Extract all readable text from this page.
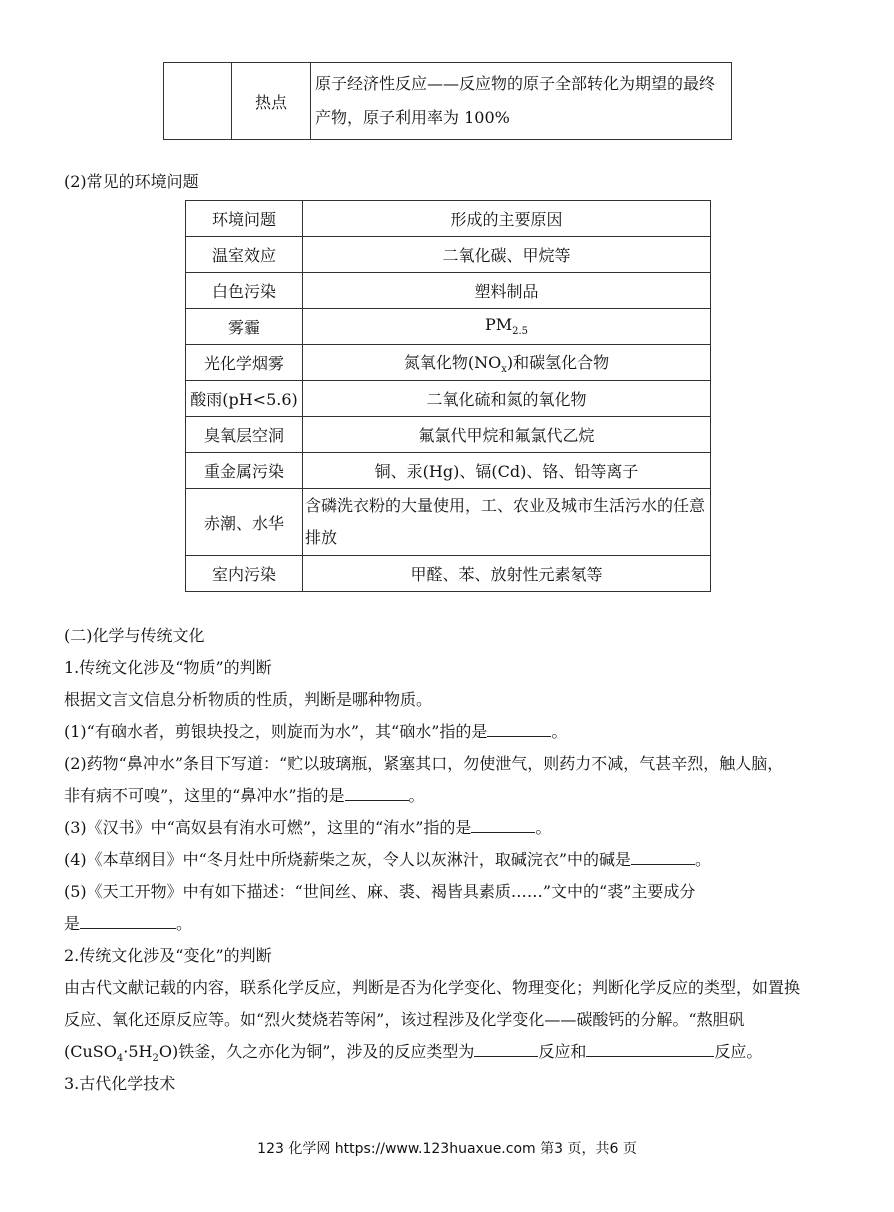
	热点	原子经济性反应——反应物的原子全部转化为期望的最终产物，原子利用率为 100%
(2)常见的环境问题
环境问题	形成的主要原因
温室效应	二氧化碳、甲烷等
白色污染	塑料制品
雾霾	$PM_{2.5}$
光化学烟雾	氮氧化物$(NO_x)$和碳氢化合物
酸雨(pH<5.6)	二氧化硫和氮的氧化物
臭氧层空洞	氟氯代甲烷和氟氯代乙烷
重金属污染	铜、汞(Hg)、镉(Cd)、铬、铅等离子
赤潮、水华	含磷洗衣粉的大量使用，工、农业及城市生活污水的任意排放
室内污染	甲醛、苯、放射性元素氡等
(二)化学与传统文化
1.传统文化涉及“物质”的判断
根据文言文信息分析物质的性质，判断是哪种物质。
(1)“有硇水者，剪银块投之，则旋而为水”，其“硇水”指的是	。
(2)药物“鼻冲水”条目下写道：“贮以玻璃瓶，紧塞其口，勿使泄气，则药力不减，气甚辛烈，触人脑，
非有病不可嗅”，这里的“鼻冲水”指的是	。
(3)《汉书》中“高奴县有洧水可燃”，这里的“洧水”指的是	。
(4)《本草纲目》中“冬月灶中所烧薪柴之灰，令人以灰淋汁，取碱浣衣”中的碱是	。
(5)《天工开物》中有如下描述：“世间丝、麻、裘、褐皆具素质……”文中的“裘”主要成分
是	。
2.传统文化涉及“变化”的判断
由古代文献记载的内容，联系化学反应，判断是否为化学变化、物理变化；判断化学反应的类型，如置换
反应、氧化还原反应等。如“烈火焚烧若等闲”，该过程涉及化学变化——碳酸钙的分解。“熬胆矾
$(CuSO_4\cdot 5H_2O)$铁釜，久之亦化为铜”，涉及的反应类型为	反应和	反应。
3.古代化学技术
123 化学网 https://www.123huaxue.com 第3 页，共6 页
